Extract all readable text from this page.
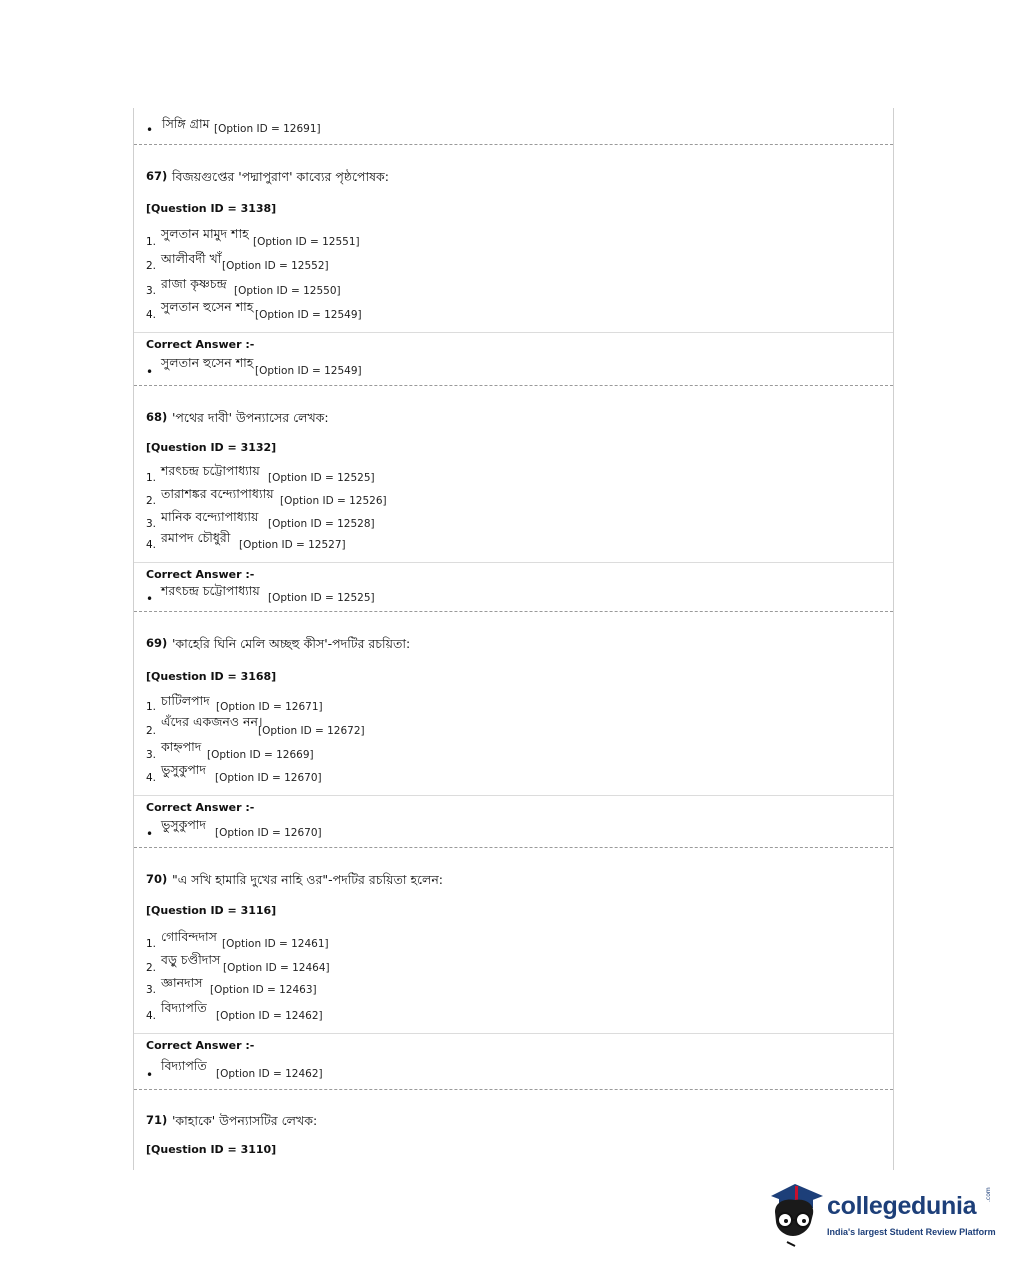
• সিঙ্গি গ্রাম [Option ID = 12691]
67) বিজয়গুপ্তের 'পদ্মাপুরাণ' কাব্যের পৃষ্ঠপোষক:
[Question ID = 3138]
1.
সুলতান মামুদ শাহ
[Option ID = 12551]
2. আলীবর্দী খাঁ [Option ID = 12552]
3. রাজা কৃষ্ণচন্দ্র [Option ID = 12550]
4.
সুলতান হুসেন শাহ
[Option ID = 12549]
Correct Answer :-
•
সুলতান হুসেন শাহ
[Option ID = 12549]
68) 'পথের দাবী' উপন্যাসের লেখক:
[Question ID = 3132]
1. শরৎচন্দ্র চট্টোপাধ্যায় [Option ID = 12525]
2. তারাশঙ্কর বন্দ্যোপাধ্যায় [Option ID = 12526]
3. মানিক বন্দ্যোপাধ্যায় [Option ID = 12528]
4. রমাপদ চৌধুরী [Option ID = 12527]
Correct Answer :-
•
শরৎচন্দ্র চট্টোপাধ্যায় [Option ID = 12525]
69) 'কাহেরি ঘিনি মেলি অচ্ছহু কীস'-পদটির রচয়িতা:
[Question ID = 3168]
1. চাটিলপাদ [Option ID = 12671]
2.
এঁদের একজনও নন।
[Option ID = 12672]
3.
কাহ্নপাদ
[Option ID = 12669]
4.
ভুসুকুপাদ
[Option ID = 12670]
Correct Answer :-
•
ভুসুকুপাদ
[Option ID = 12670]
70) "এ সখি হামারি দুখের নাহি ওর"-পদটির রচয়িতা হলেন:
[Question ID = 3116]
1. গোবিন্দদাস [Option ID = 12461]
2.
বড়ু চণ্ডীদাস
[Option ID = 12464]
3. জ্ঞানদাস [Option ID = 12463]
4.
বিদ্যাপতি
[Option ID = 12462]
Correct Answer :-
•
বিদ্যাপতি
[Option ID = 12462]
71) 'কাহাকে' উপন্যাসটির লেখক:
[Question ID = 3110]
collegedunia .com
India's largest Student Review Platform
